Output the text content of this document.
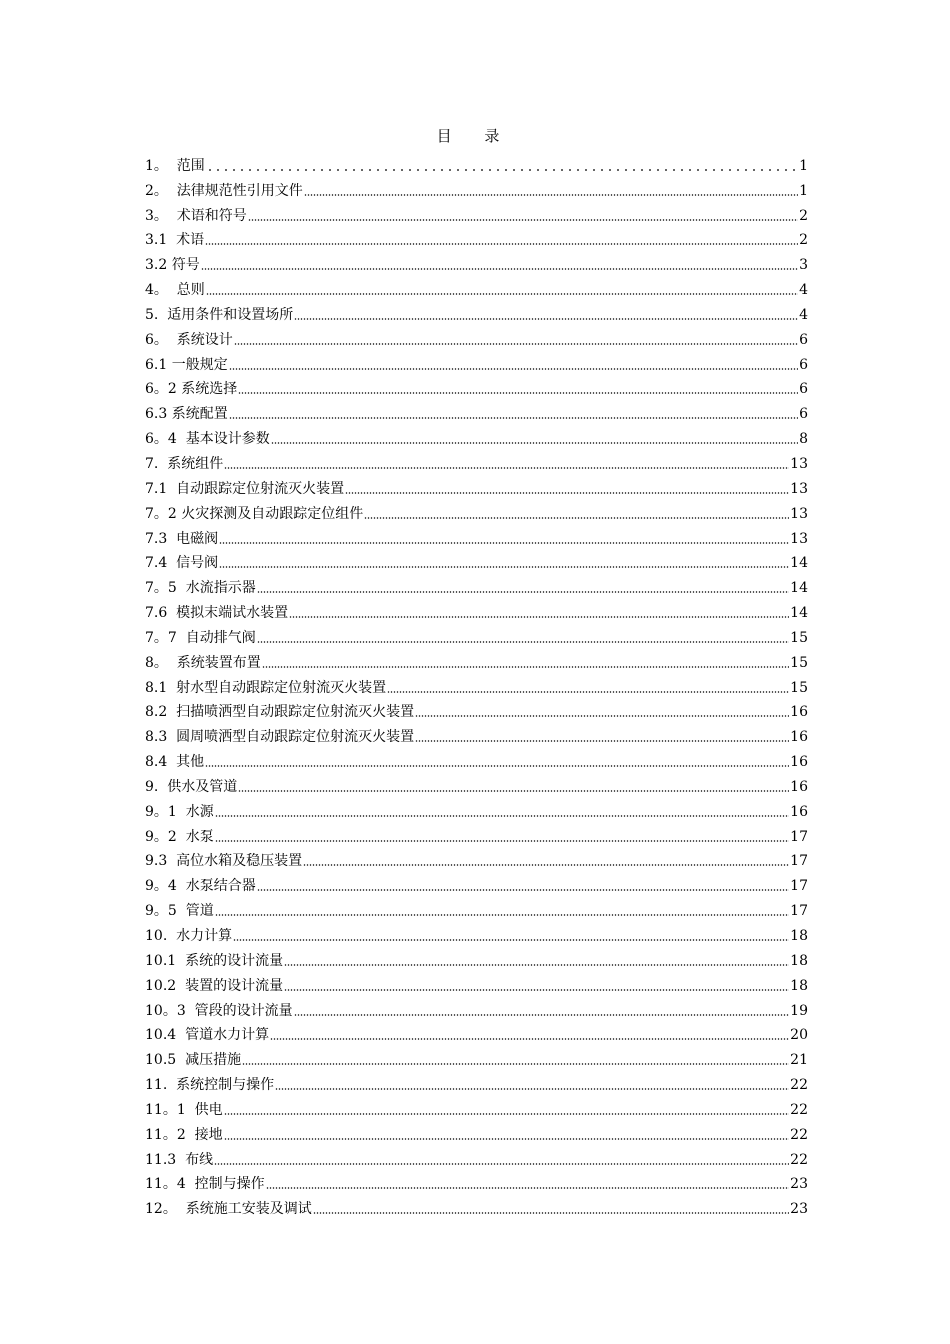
目 录
1。  范围	1
2。  法律规范性引用文件	1
3。  术语和符号	2
3.1  术语	2
3.2 符号	3
4。  总则	4
5.  适用条件和设置场所	4
6。  系统设计	6
6.1 一般规定	6
6。2 系统选择	6
6.3 系统配置	6
6。4  基本设计参数	8
7.  系统组件	13
7.1  自动跟踪定位射流灭火装置	13
7。2 火灾探测及自动跟踪定位组件	13
7.3  电磁阀	13
7.4  信号阀	14
7。5  水流指示器	14
7.6  模拟末端试水装置	14
7。7  自动排气阀	15
8。  系统装置布置	15
8.1  射水型自动跟踪定位射流灭火装置	15
8.2  扫描喷洒型自动跟踪定位射流灭火装置	16
8.3  圆周喷洒型自动跟踪定位射流灭火装置	16
8.4  其他	16
9.  供水及管道	16
9。1  水源	16
9。2  水泵	17
9.3  高位水箱及稳压装置	17
9。4  水泵结合器	17
9。5  管道	17
10.  水力计算	18
10.1  系统的设计流量	18
10.2  装置的设计流量	18
10。3  管段的设计流量	19
10.4  管道水力计算	20
10.5  减压措施	21
11.  系统控制与操作	22
11。1  供电	22
11。2  接地	22
11.3  布线	22
11。4  控制与操作	23
12。  系统施工安装及调试	23
